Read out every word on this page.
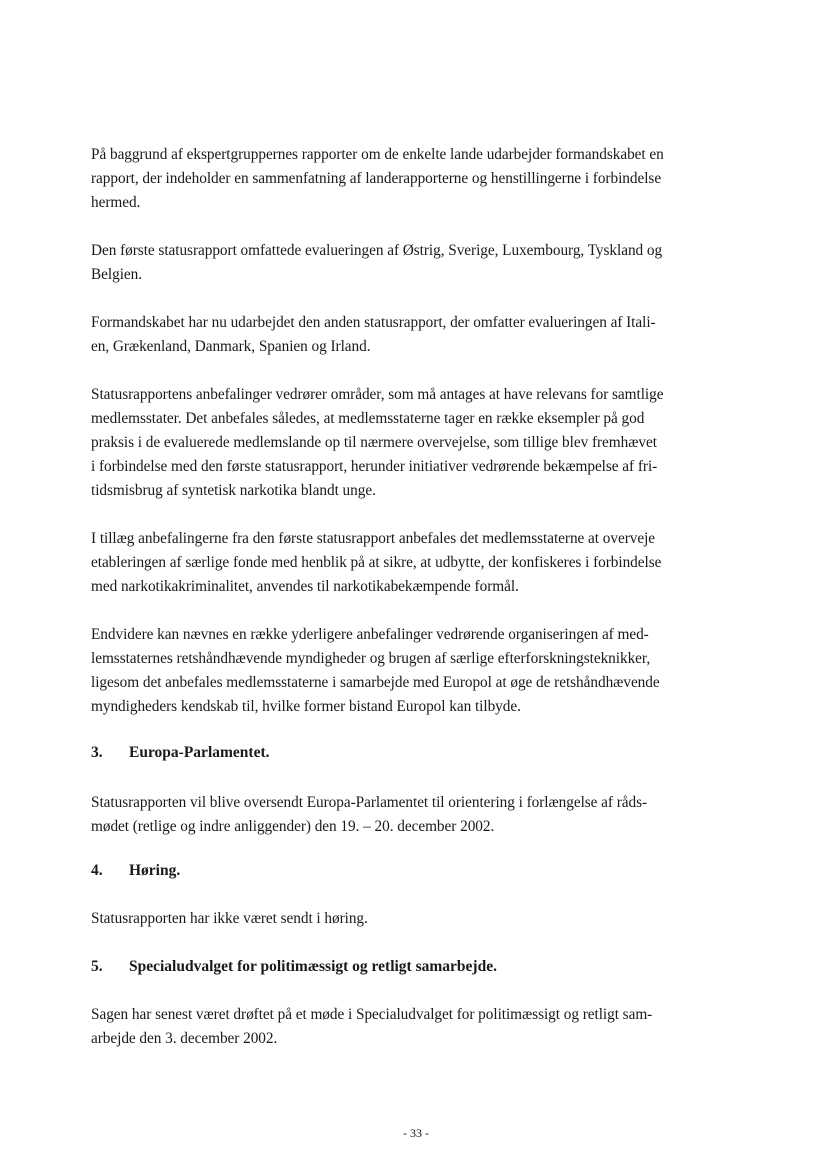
På baggrund af ekspertgruppernes rapporter om de enkelte lande udarbejder formandskabet en
rapport, der indeholder en sammenfatning af landerapporterne og henstillingerne i forbindelse
hermed.

Den første statusrapport omfattede evalueringen af Østrig, Sverige, Luxembourg, Tyskland og
Belgien.

Formandskabet har nu udarbejdet den anden statusrapport, der omfatter evalueringen af Itali-
en, Grækenland, Danmark, Spanien og Irland.

Statusrapportens anbefalinger vedrører områder, som må antages at have relevans for samtlige
medlemsstater. Det anbefales således, at medlemsstaterne tager en række eksempler på god
praksis i de evaluerede medlemslande op til nærmere overvejelse, som tillige blev fremhævet
i forbindelse med den første statusrapport, herunder initiativer vedrørende bekæmpelse af fri-
tidsmisbrug af syntetisk narkotika blandt unge.

I tillæg anbefalingerne fra den første statusrapport anbefales det medlemsstaterne at overveje
etableringen af særlige fonde med henblik på at sikre, at udbytte, der konfiskeres i forbindelse
med narkotikakriminalitet, anvendes til narkotikabekæmpende formål.

Endvidere kan nævnes en række yderligere anbefalinger vedrørende organiseringen af med-
lemsstaternes retshåndhævende myndigheder og brugen af særlige efterforskningsteknikker,
ligesom det anbefales medlemsstaterne i samarbejde med Europol at øge de retshåndhævende
myndigheders kendskab til, hvilke former bistand Europol kan tilbyde.

3. Europa-Parlamentet.

Statusrapporten vil blive oversendt Europa-Parlamentet til orientering i forlængelse af råds-
mødet (retlige og indre anliggender) den 19. – 20. december 2002.

4. Høring.

Statusrapporten har ikke været sendt i høring.

5. Specialudvalget for politimæssigt og retligt samarbejde.

Sagen har senest været drøftet på et møde i Specialudvalget for politimæssigt og retligt sam-
arbejde den 3. december 2002.

- 33 -
